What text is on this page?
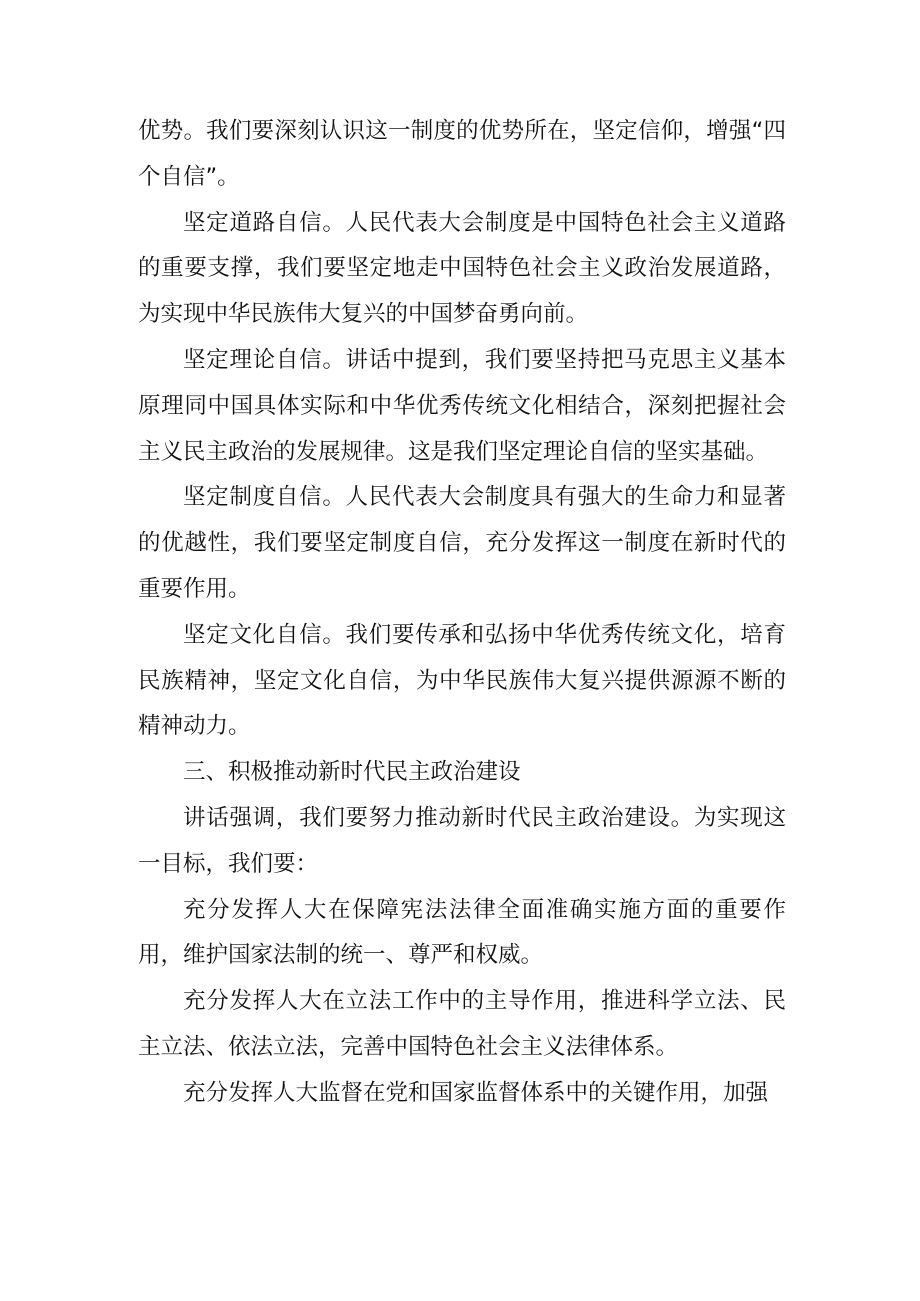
优势。我们要深刻认识这一制度的优势所在，坚定信仰，增强“四个自信”。

坚定道路自信。人民代表大会制度是中国特色社会主义道路的重要支撑，我们要坚定地走中国特色社会主义政治发展道路，为实现中华民族伟大复兴的中国梦奋勇向前。

坚定理论自信。讲话中提到，我们要坚持把马克思主义基本原理同中国具体实际和中华优秀传统文化相结合，深刻把握社会主义民主政治的发展规律。这是我们坚定理论自信的坚实基础。

坚定制度自信。人民代表大会制度具有强大的生命力和显著的优越性，我们要坚定制度自信，充分发挥这一制度在新时代的重要作用。

坚定文化自信。我们要传承和弘扬中华优秀传统文化，培育民族精神，坚定文化自信，为中华民族伟大复兴提供源源不断的精神动力。

三、积极推动新时代民主政治建设

讲话强调，我们要努力推动新时代民主政治建设。为实现这一目标，我们要：

充分发挥人大在保障宪法法律全面准确实施方面的重要作用，维护国家法制的统一、尊严和权威。

充分发挥人大在立法工作中的主导作用，推进科学立法、民主立法、依法立法，完善中国特色社会主义法律体系。

充分发挥人大监督在党和国家监督体系中的关键作用，加强
